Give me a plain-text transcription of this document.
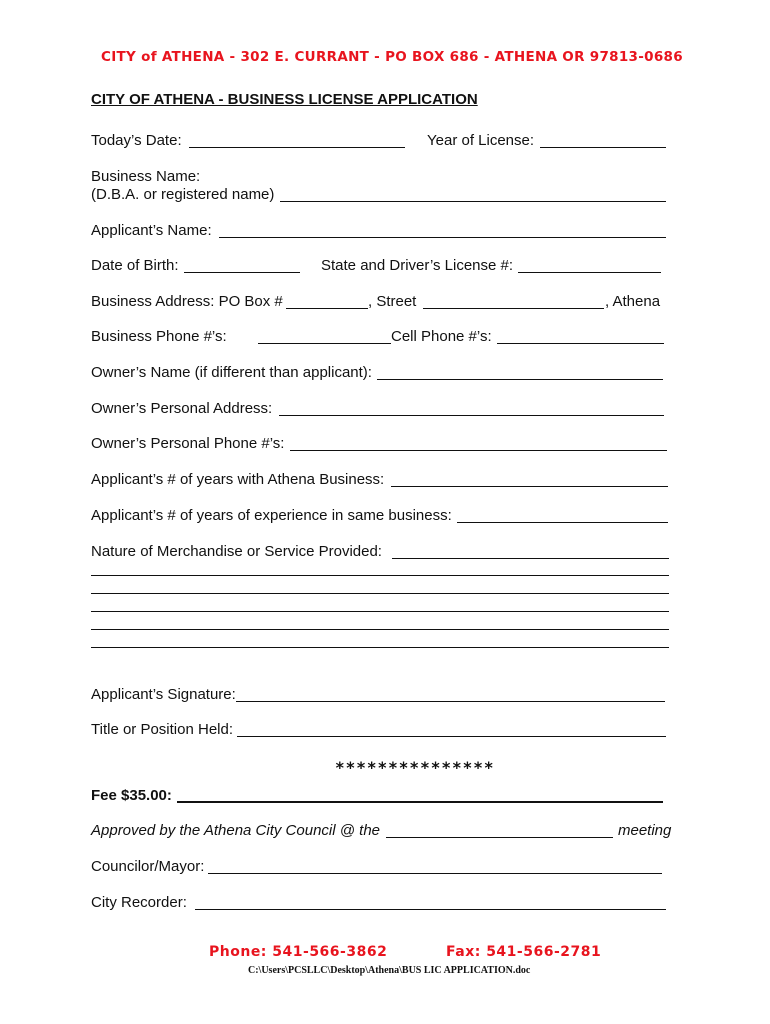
CITY of ATHENA - 302 E. CURRANT - PO BOX 686 - ATHENA OR 97813-0686
CITY OF ATHENA - BUSINESS LICENSE APPLICATION
Today’s Date:	Year of License:
Business Name:
(D.B.A. or registered name)
Applicant’s Name:
Date of Birth:	State and Driver’s License #:
Business Address: PO Box #	, Street	, Athena
Business Phone #’s:	Cell Phone #’s:
Owner’s Name (if different than applicant):
Owner’s Personal Address:
Owner’s Personal Phone #’s:
Applicant’s # of years with Athena Business:
Applicant’s # of years of experience in same business:
Nature of Merchandise or Service Provided:
Applicant’s Signature:
Title or Position Held:
***************
Fee $35.00:
Approved by the Athena City Council @ the	meeting
Councilor/Mayor:
City Recorder:
Phone: 541-566-3862	Fax: 541-566-2781
C:\Users\PCSLLC\Desktop\Athena\BUS LIC APPLICATION.doc
